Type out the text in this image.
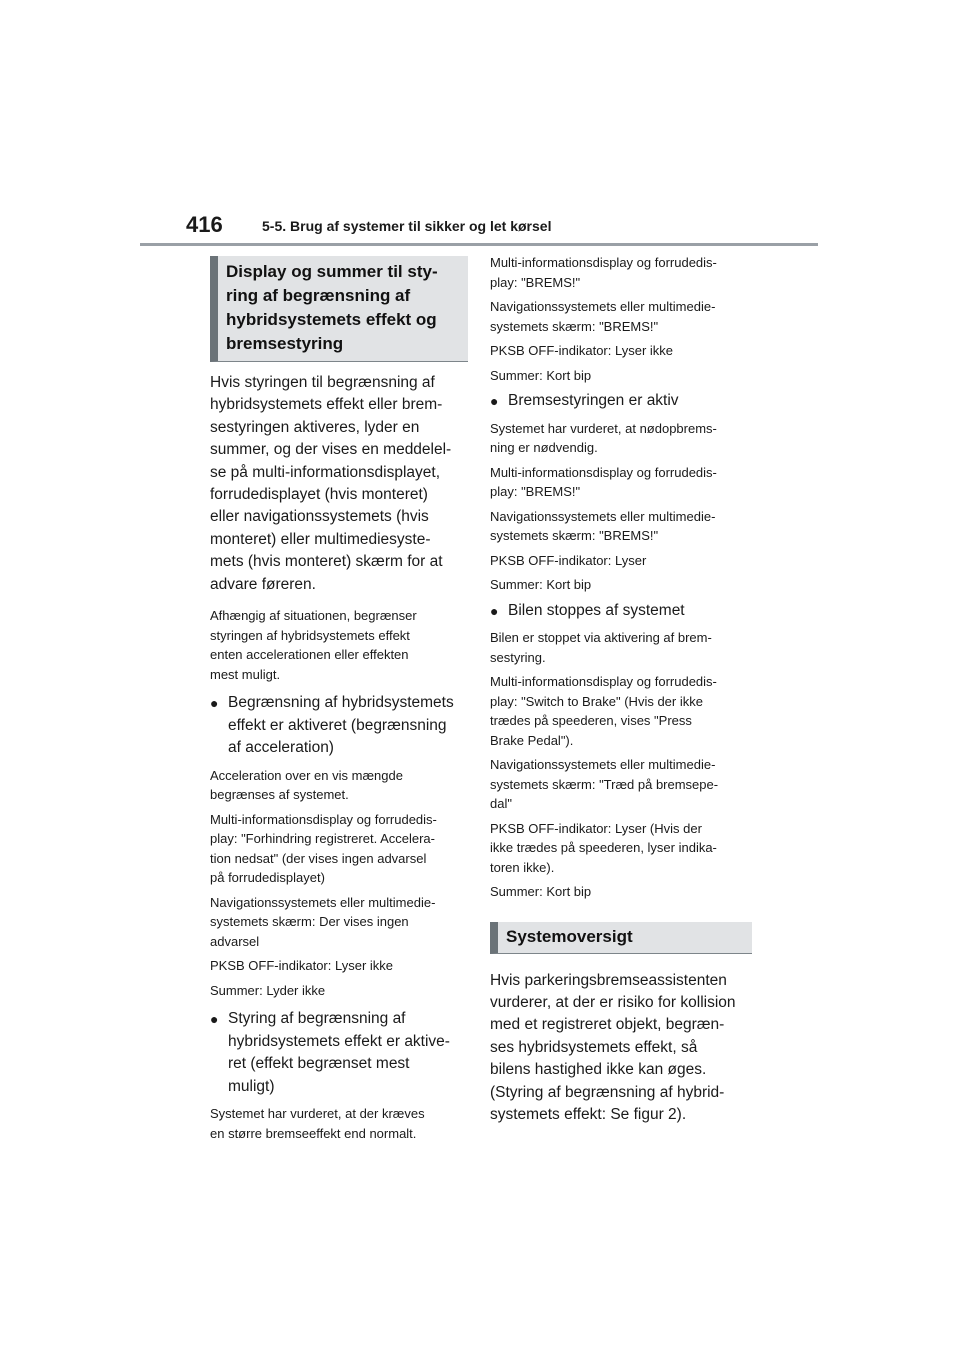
416	5-5. Brug af systemer til sikker og let kørsel
Display og summer til sty-
ring af begrænsning af
hybridsystemets effekt og
bremsestyring
Hvis styringen til begrænsning af
hybridsystemets effekt eller brem-
sestyringen aktiveres, lyder en
summer, og der vises en meddelel-
se på multi-informationsdisplayet,
forrudedisplayet (hvis monteret)
eller navigationssystemets (hvis
monteret) eller multimediesyste-
mets (hvis monteret) skærm for at
advare føreren.
Afhængig af situationen, begrænser
styringen af hybridsystemets effekt
enten accelerationen eller effekten
mest muligt.
● Begrænsning af hybridsystemets
effekt er aktiveret (begrænsning
af acceleration)
Acceleration over en vis mængde
begrænses af systemet.
Multi-informationsdisplay og forrudedis-
play: "Forhindring registreret. Accelera-
tion nedsat" (der vises ingen advarsel
på forrudedisplayet)
Navigationssystemets eller multimedie-
systemets skærm: Der vises ingen
advarsel
PKSB OFF-indikator: Lyser ikke
Summer: Lyder ikke
● Styring af begrænsning af
hybridsystemets effekt er aktive-
ret (effekt begrænset mest
muligt)
Systemet har vurderet, at der kræves
en større bremseeffekt end normalt.
Multi-informationsdisplay og forrudedis-
play: "BREMS!"
Navigationssystemets eller multimedie-
systemets skærm: "BREMS!"
PKSB OFF-indikator: Lyser ikke
Summer: Kort bip
● Bremsestyringen er aktiv
Systemet har vurderet, at nødopbrems-
ning er nødvendig.
Multi-informationsdisplay og forrudedis-
play: "BREMS!"
Navigationssystemets eller multimedie-
systemets skærm: "BREMS!"
PKSB OFF-indikator: Lyser
Summer: Kort bip
● Bilen stoppes af systemet
Bilen er stoppet via aktivering af brem-
sestyring.
Multi-informationsdisplay og forrudedis-
play: "Switch to Brake" (Hvis der ikke
trædes på speederen, vises "Press
Brake Pedal").
Navigationssystemets eller multimedie-
systemets skærm: "Træd på bremsepe-
dal"
PKSB OFF-indikator: Lyser (Hvis der
ikke trædes på speederen, lyser indika-
toren ikke).
Summer: Kort bip
Systemoversigt
Hvis parkeringsbremseassistenten
vurderer, at der er risiko for kollision
med et registreret objekt, begræn-
ses hybridsystemets effekt, så
bilens hastighed ikke kan øges.
(Styring af begrænsning af hybrid-
systemets effekt: Se figur 2).
